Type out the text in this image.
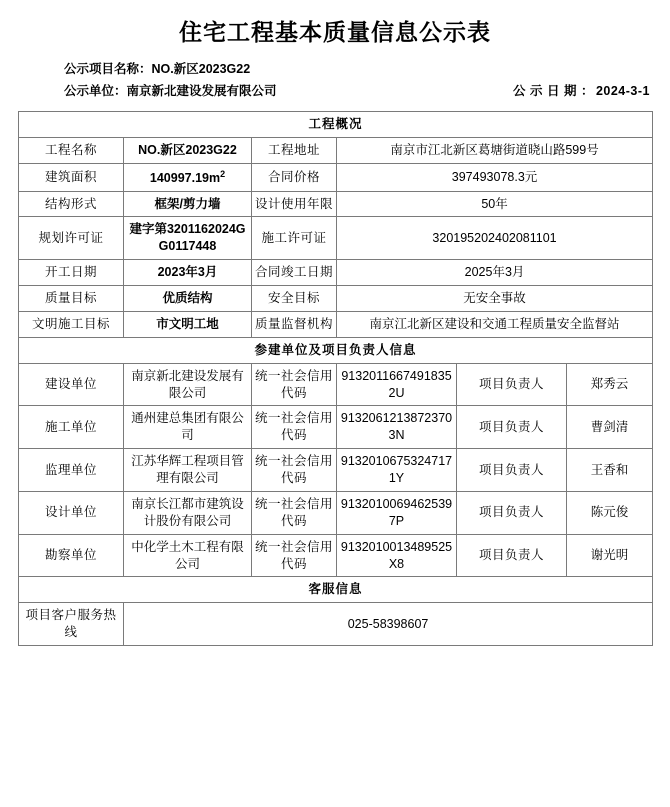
住宅工程基本质量信息公示表
公示项目名称： NO.新区2023G22
公示单位： 南京新北建设发展有限公司	公 示 日 期 ： 2024-3-1
工程概况					
工程名称	NO.新区2023G22	工程地址	南京市江北新区葛塘街道晓山路599号		
建筑面积	$140997.19m^2$	合同价格	397493078.3元		
结构形式	框架/剪力墙	设计使用年限	50年		
规划许可证	建字第3201162024GG0117448	施工许可证	320195202402081101		
开工日期	2023年3月	合同竣工日期	2025年3月		
质量目标	优质结构	安全目标	无安全事故		
文明施工目标	市文明工地	质量监督机构	南京江北新区建设和交通工程质量安全监督站		
参建单位及项目负责人信息					
建设单位	南京新北建设发展有限公司	统一社会信用代码	91320116674918352U	项目负责人	郑秀云
施工单位	通州建总集团有限公司	统一社会信用代码	91320612138723703N	项目负责人	曹剑清
监理单位	江苏华辉工程项目管理有限公司	统一社会信用代码	91320106753247171Y	项目负责人	王香和
设计单位	南京长江都市建筑设计股份有限公司	统一社会信用代码	91320100694625397P	项目负责人	陈元俊
勘察单位	中化学土木工程有限公司	统一社会信用代码	9132010013489525X8	项目负责人	谢光明
客服信息					
项目客户服务热线	025-58398607				
